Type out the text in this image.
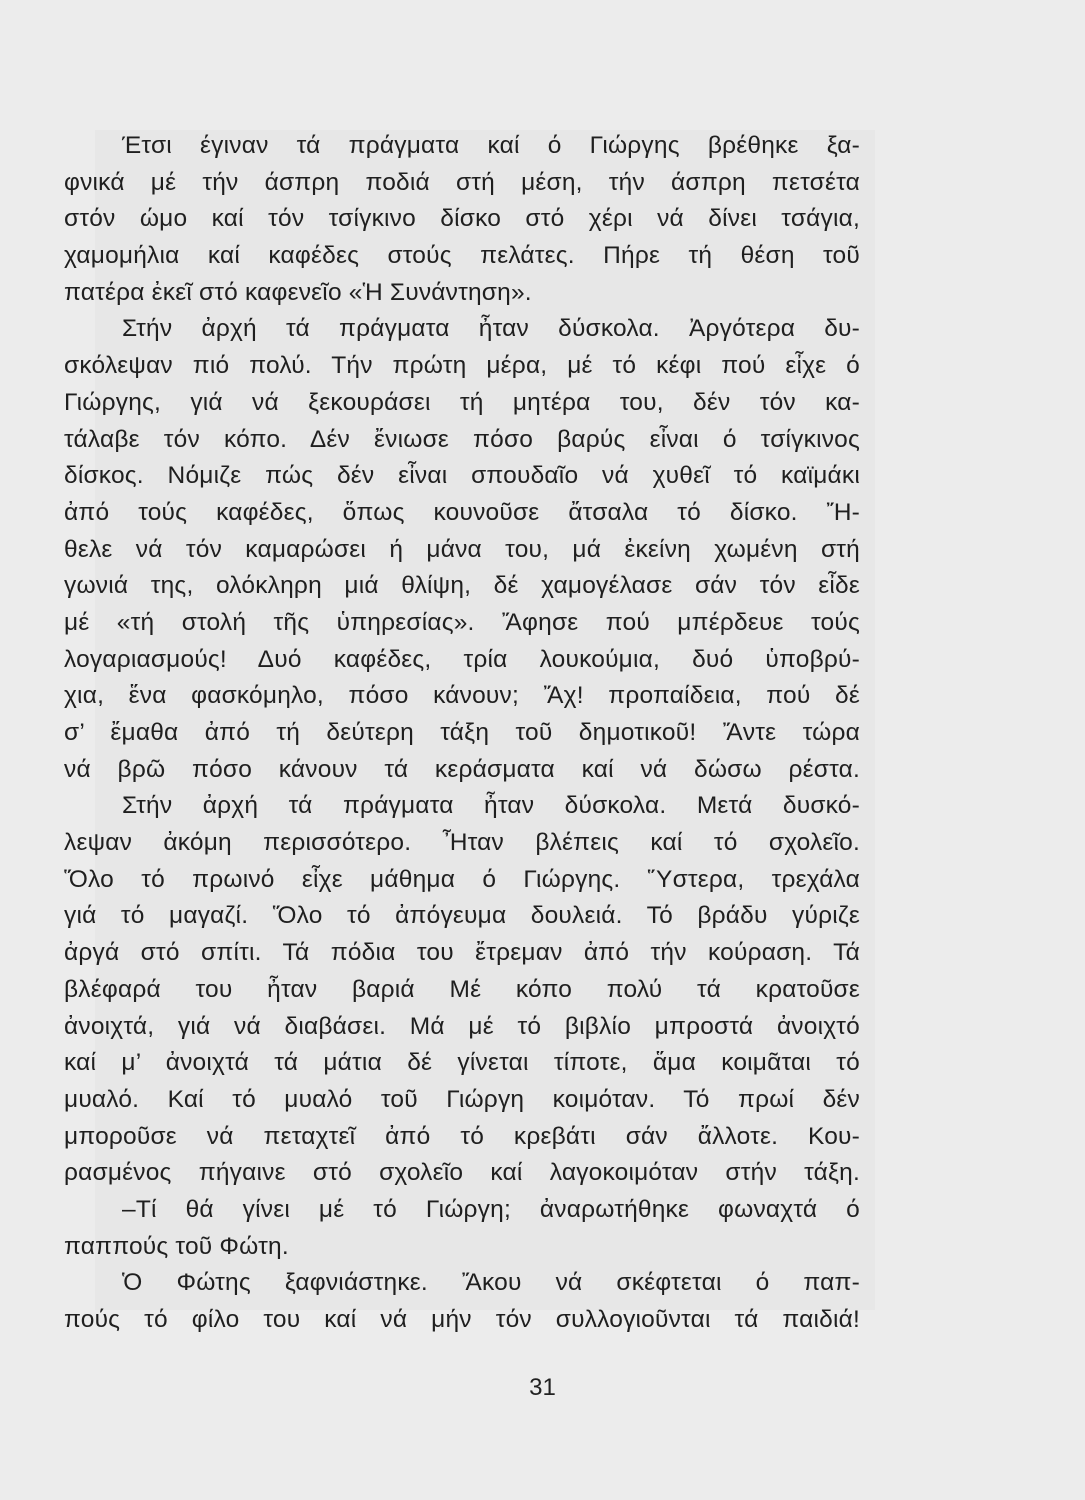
Έτσι έγιναν τά πράγματα καί ό Γιώργης βρέθηκε ξα-
φνικά μέ τήν άσπρη ποδιά στή μέση, τήν άσπρη πετσέτα
στόν ώμο καί τόν τσίγκινο δίσκο στό χέρι νά δίνει τσάγια,
χαμομήλια καί καφέδες στούς πελάτες. Πήρε τή θέση τοῦ
πατέρα ἐκεῖ στό καφενεῖο «Ἡ Συνάντηση».
Στήν ἀρχή τά πράγματα ἦταν δύσκολα. Ἀργότερα δυ-
σκόλεψαν πιό πολύ. Τήν πρώτη μέρα, μέ τό κέφι πού εἶχε ό
Γιώργης, γιά νά ξεκουράσει τή μητέρα του, δέν τόν κα-
τάλαβε τόν κόπο. Δέν ἔνιωσε πόσο βαρύς εἶναι ό τσίγκινος
δίσκος. Νόμιζε πώς δέν εἶναι σπουδαῖο νά χυθεῖ τό καϊμάκι
ἀπό τούς καφέδες, ὅπως κουνοῦσε ἄτσαλα τό δίσκο. Ἤ-
θελε νά τόν καμαρώσει ή μάνα του, μά ἐκείνη χωμένη στή
γωνιά της, ολόκληρη μιά θλίψη, δέ χαμογέλασε σάν τόν εἶδε
μέ «τή στολή τῆς ὑπηρεσίας». Ἄφησε πού μπέρδευε τούς
λογαριασμούς! Δυό καφέδες, τρία λουκούμια, δυό ὑποβρύ-
χια, ἕνα φασκόμηλο, πόσο κάνουν; Ἄχ! προπαίδεια, πού δέ
σ’ ἔμαθα ἀπό τή δεύτερη τάξη τοῦ δημοτικοῦ! Ἄντε τώρα
νά βρῶ πόσο κάνουν τά κεράσματα καί νά δώσω ρέστα.
Στήν ἀρχή τά πράγματα ἦταν δύσκολα. Μετά δυσκό-
λεψαν ἀκόμη περισσότερο. Ἦταν βλέπεις καί τό σχολεῖο.
Ὅλο τό πρωινό εἶχε μάθημα ό Γιώργης. Ὕστερα, τρεχάλα
γιά τό μαγαζί. Ὅλο τό ἀπόγευμα δουλειά. Τό βράδυ γύριζε
ἀργά στό σπίτι. Τά πόδια του ἔτρεμαν ἀπό τήν κούραση. Τά
βλέφαρά του ἦταν βαριά Μέ κόπο πολύ τά κρατοῦσε
ἀνοιχτά, γιά νά διαβάσει. Μά μέ τό βιβλίο μπροστά ἀνοιχτό
καί μ’ ἀνοιχτά τά μάτια δέ γίνεται τίποτε, ἅμα κοιμᾶται τό
μυαλό. Καί τό μυαλό τοῦ Γιώργη κοιμόταν. Τό πρωί δέν
μποροῦσε νά πεταχτεῖ ἀπό τό κρεβάτι σάν ἄλλοτε. Κου-
ρασμένος πήγαινε στό σχολεῖο καί λαγοκοιμόταν στήν τάξη.
–Τί θά γίνει μέ τό Γιώργη; ἀναρωτήθηκε φωναχτά ό
παππούς τοῦ Φώτη.
Ὁ Φώτης ξαφνιάστηκε. Ἄκου νά σκέφτεται ό παπ-
πούς τό φίλο του καί νά μήν τόν συλλογιοῦνται τά παιδιά!
31
